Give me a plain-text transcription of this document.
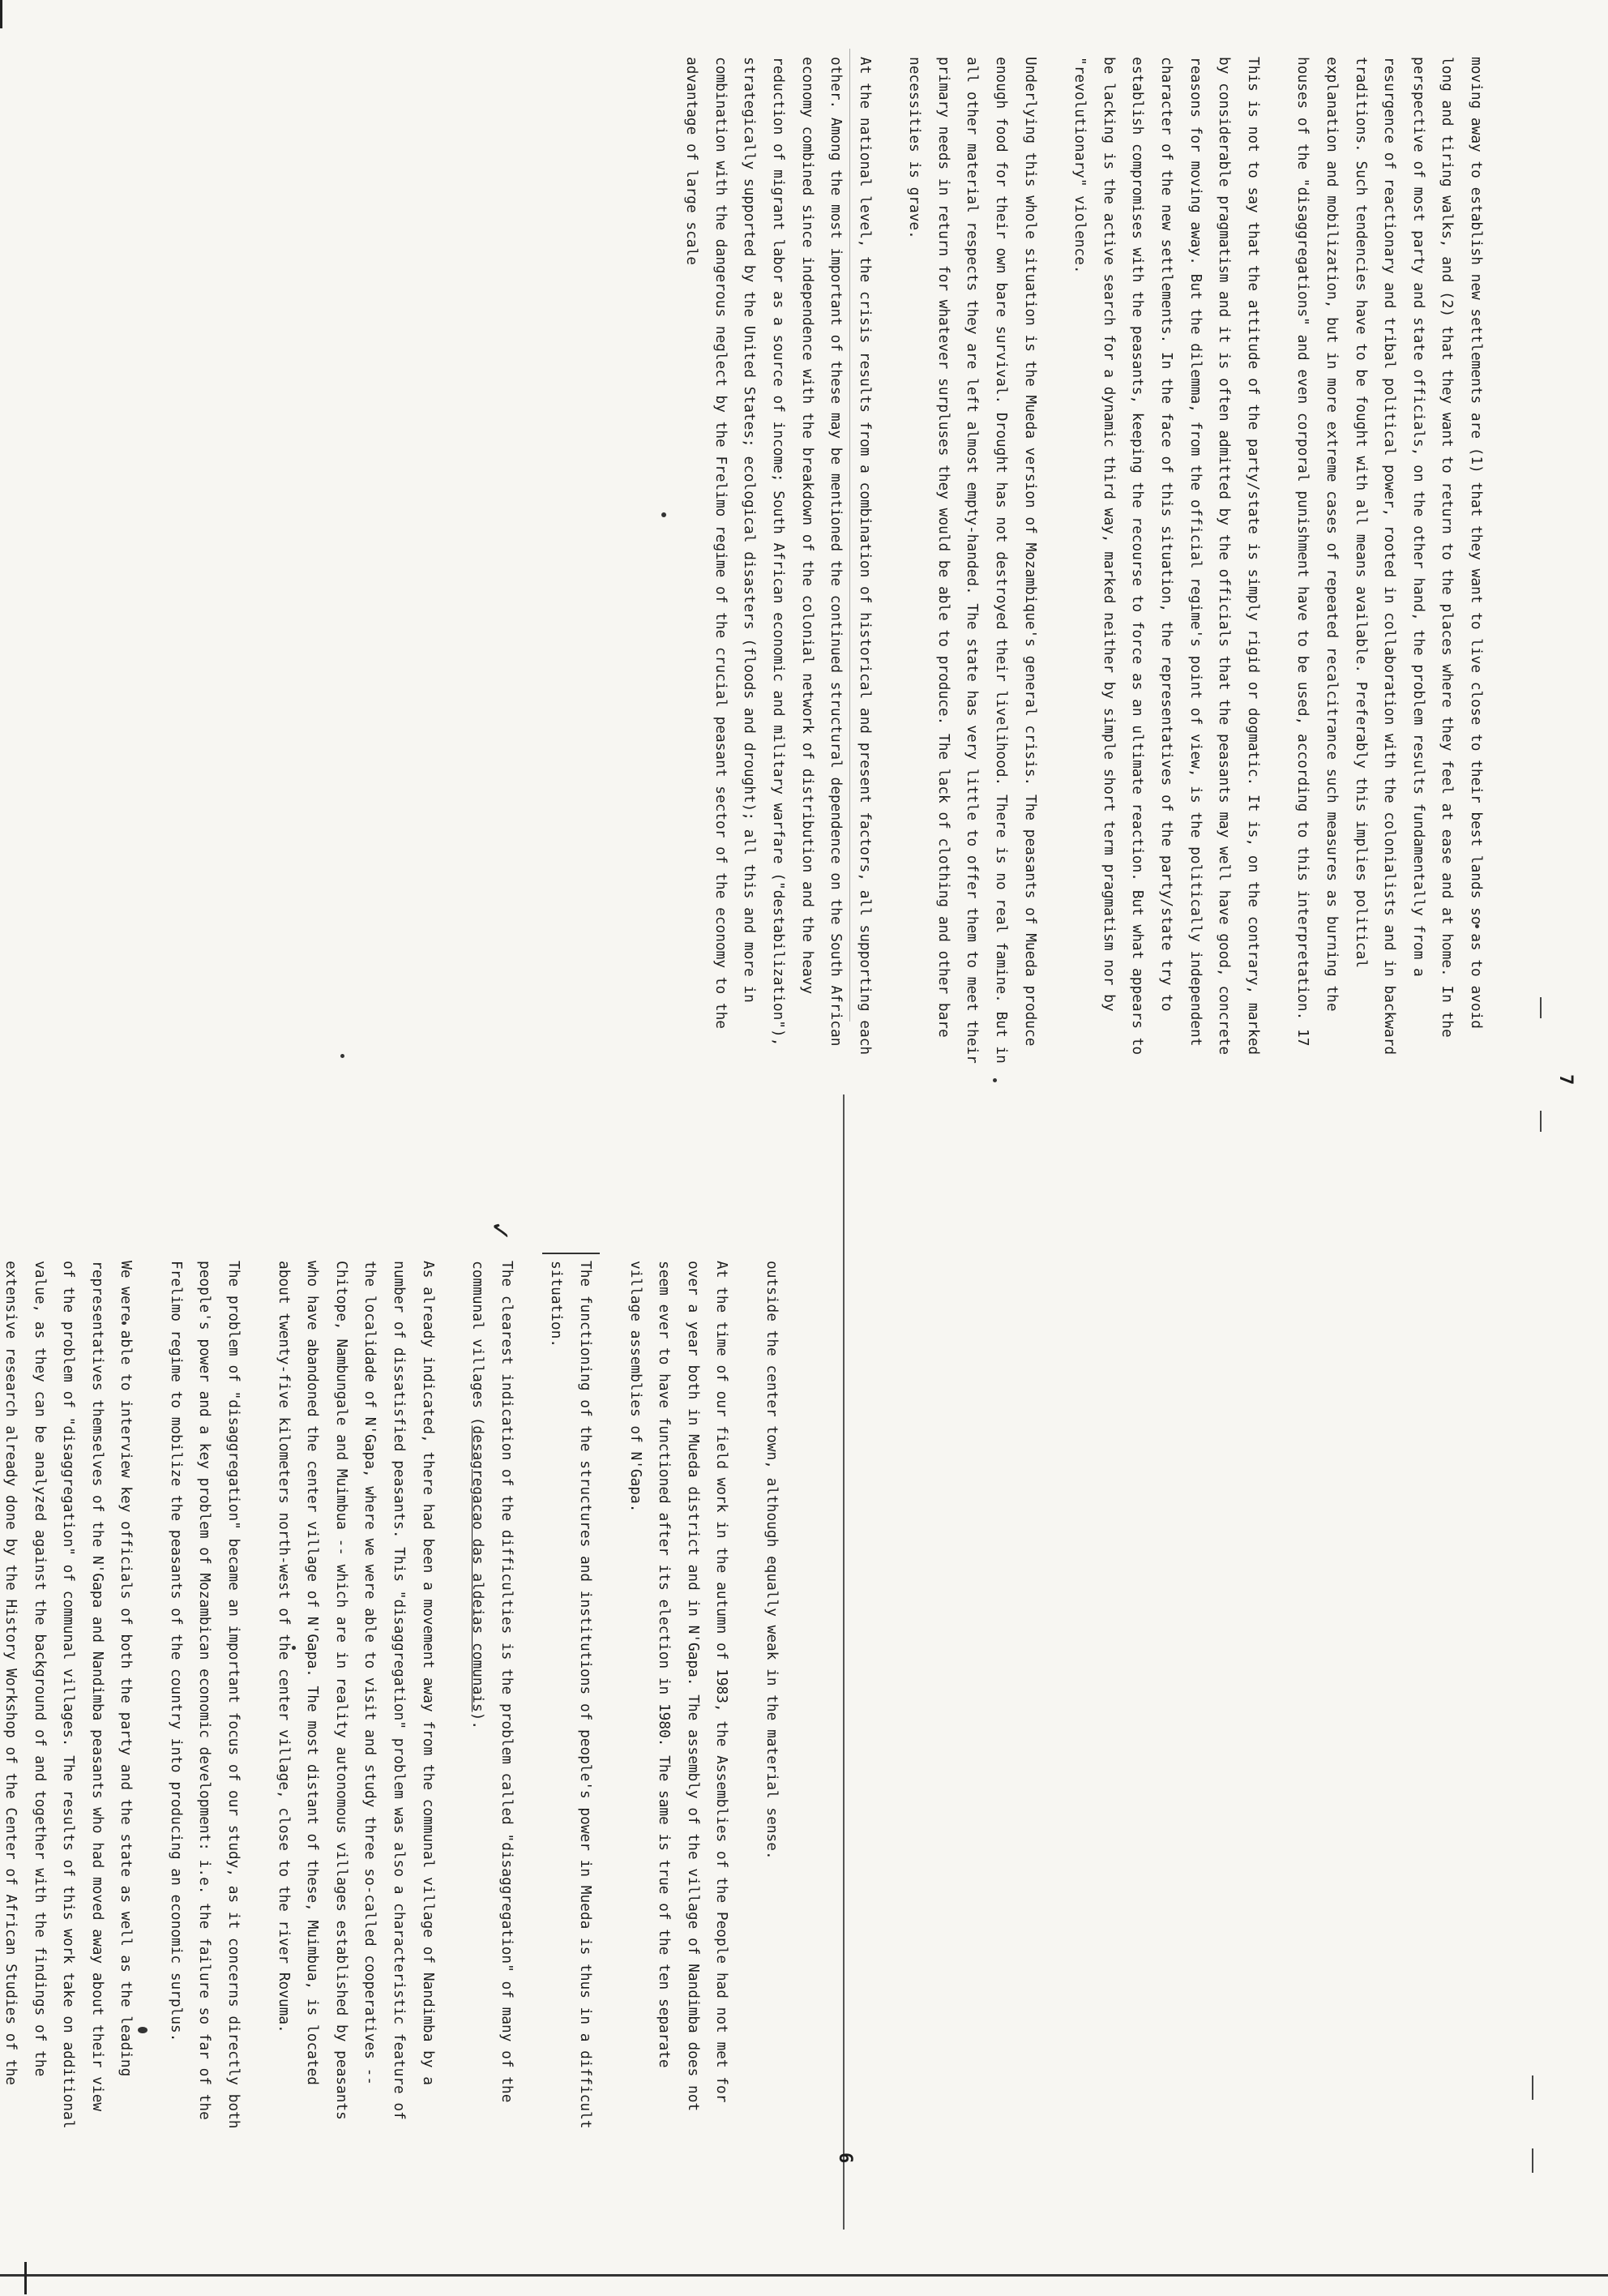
6

outside the center town, although equally weak in the material sense.

At the time of our field work in the autumn of 1983, the Assemblies of the People had not met for over a year both in Mueda district and in N'Gapa. The assembly of the village of Nandimba does not seem ever to have functioned after its election in 1980. The same is true of the ten separate village assemblies of N'Gapa.

The functioning of the structures and institutions of people's power in Mueda is thus in a difficult situation.

✓
The clearest indication of the difficulties is the problem called "disaggregation" of many of the communal villages (desagregacao das aldeias comunais).

As already indicated, there had been a movement away from the communal village of Nandimba by a number of dissatisfied peasants. This "disaggregation" problem was also a characteristic feature of the localidade of N'Gapa, where we were able to visit and study three so-called cooperatives -- Chitope, Nambungale and Muimbua -- which are in reality autonomous villages established by peasants who have abandoned the center village of N'Gapa. The most distant of these, Muimbua, is located about twenty-five kilometers north-west of the center village, close to the river Rovuma.

The problem of "disaggregation" became an important focus of our study, as it concerns directly both people's power and a key problem of Mozambican economic development: i.e. the failure so far of the Frelimo regime to mobilize the peasants of the country into producing an economic surplus.

We were able to interview key officials of both the party and the state as well as the leading representatives themselves of the N'Gapa and Nandimba peasants who had moved away about their view of the problem of "disaggregation" of communal villages. The results of this work take on additional value, as they can be analyzed against the background of and together with the findings of the extensive research already done by the History Workshop of the Center of African Studies of the

7

moving away to establish new settlements are (1) that they want to live close to their best lands so as to avoid long and tiring walks, and (2) that they want to return to the places where they feel at ease and at home. In the perspective of most party and state officials, on the other hand, the problem results fundamentally from a resurgence of reactionary and tribal political power, rooted in collaboration with the colonialists and in backward traditions. Such tendencies have to be fought with all means available. Preferably this implies political explanation and mobilization, but in more extreme cases of repeated recalcitrance such measures as burning the houses of the "disaggregations" and even corporal punishment have to be used, according to this interpretation. 17

This is not to say that the attitude of the party/state is simply rigid or dogmatic. It is, on the contrary, marked by considerable pragmatism and it is often admitted by the officials that the peasants may well have good, concrete reasons for moving away. But the dilemma, from the official regime's point of view, is the politically independent character of the new settlements. In the face of this situation, the representatives of the party/state try to establish compromises with the peasants, keeping the recourse to force as an ultimate reaction. But what appears to be lacking is the active search for a dynamic third way, marked neither by simple short term pragmatism nor by "revolutionary" violence.

Underlying this whole situation is the Mueda version of Mozambique's general crisis. The peasants of Mueda produce enough food for their own bare survival. Drought has not destroyed their livelihood. There is no real famine. But in all other material respects they are left almost empty-handed. The state has very little to offer them to meet their primary needs in return for whatever surpluses they would be able to produce. The lack of clothing and other bare necessities is grave.

At the national level, the crisis results from a combination of historical and present factors, all supporting each other. Among the most important of these may be mentioned the continued structural dependence on the South African economy combined since independence with the breakdown of the colonial network of distribution and the heavy reduction of migrant labor as a source of income; South African economic and military warfare ("destabilization"), strategically supported by the United States; ecological disasters (floods and drought); all this and more in combination with the dangerous neglect by the Frelimo regime of the crucial peasant sector of the economy to the advantage of large scale
